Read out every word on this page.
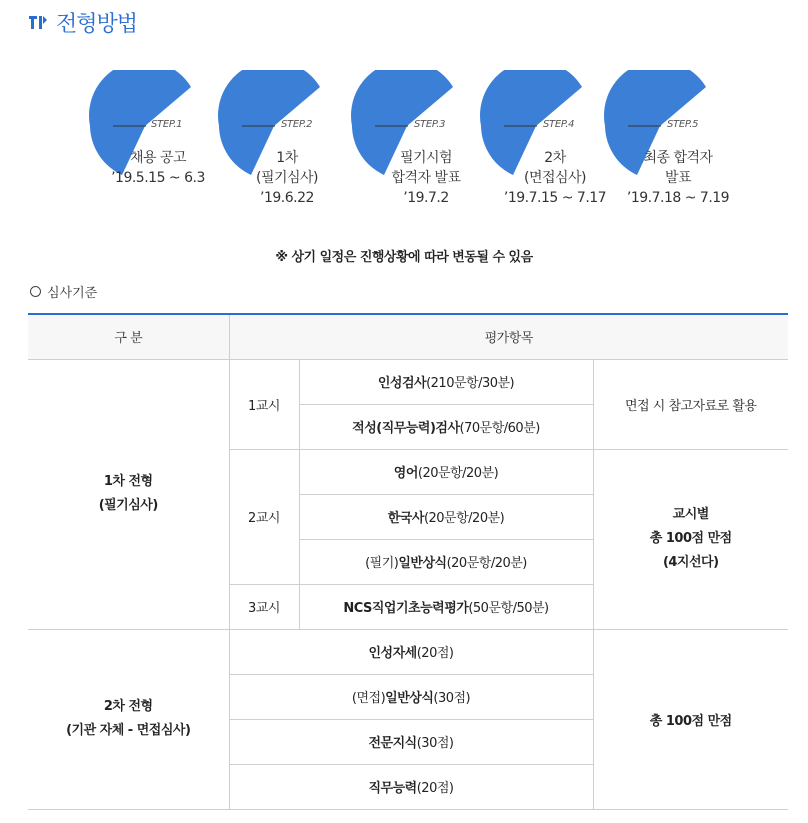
전형방법
STEP.1
채용 공고
’19.5.15 ~ 6.3
STEP.2
1차
(필기심사)
’19.6.22
STEP.3
필기시험
합격자 발표
’19.7.2
STEP.4
2차
(면접심사)
’19.7.15 ~ 7.17
STEP.5
최종 합격자
발표
’19.7.18 ~ 7.19
※ 상기 일정은 진행상황에 따라 변동될 수 있음
심사기준
구 분	평가항목		

1차 전형
(필기심사)	1교시	인성검사(210문항/30분)	면접 시 참고자료로 활용
		적성(직무능력)검사(70문항/60분)	
	2교시	영어(20문항/20분)	교시별
총 100점 만점
(4지선다)

		한국사(20문항/20분)	
		(필기)일반상식(20문항/20분)	
	3교시	NCS직업기초능력평가(50문항/50분)	

2차 전형
(기관 자체 - 면접심사)	인성자세(20점)		총 100점 만점
	(면접)일반상식(30점)		
	전문지식(30점)		
	직무능력(20점)		
